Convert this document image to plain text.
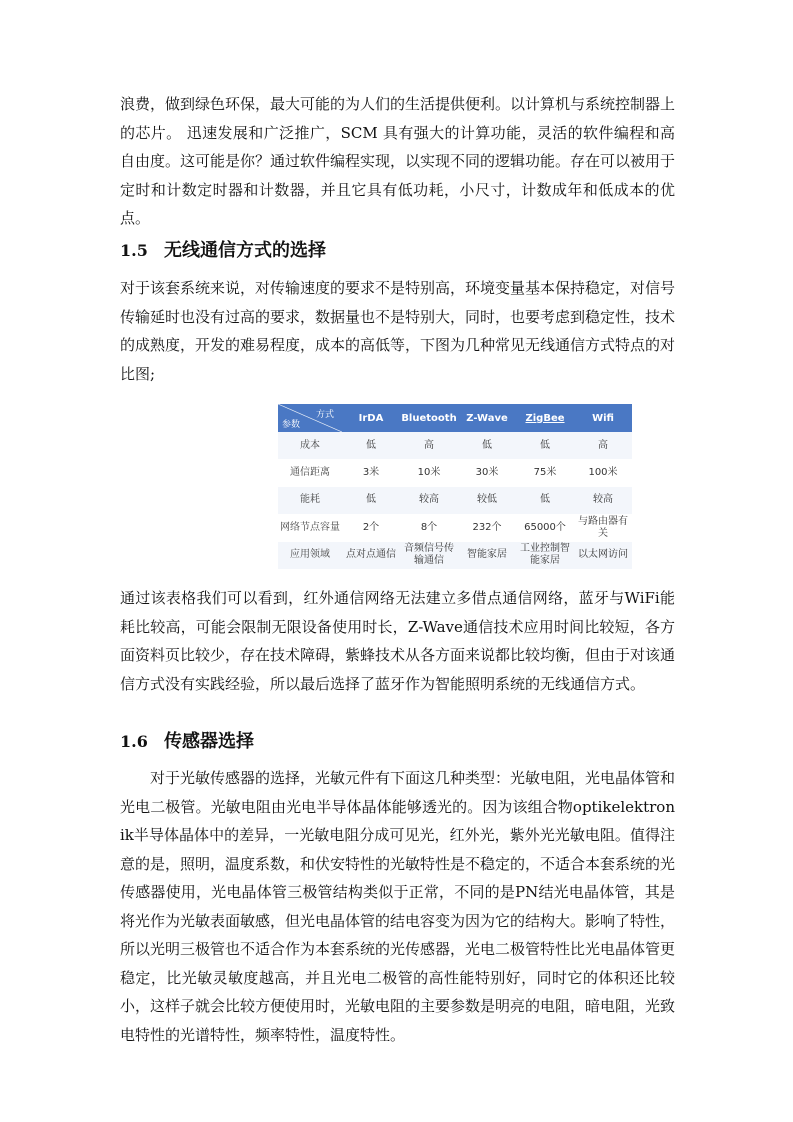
浪费，做到绿色环保，最大可能的为人们的生活提供便利。以计算机与系统控制器上的芯片。 迅速发展和广泛推广，SCM 具有强大的计算功能，灵活的软件编程和高自由度。这可能是你？通过软件编程实现，以实现不同的逻辑功能。存在可以被用于定时和计数定时器和计数器，并且它具有低功耗，小尺寸，计数成年和低成本的优点。

1.5 无线通信方式的选择

对于该套系统来说，对传输速度的要求不是特别高，环境变量基本保持稳定，对信号传输延时也没有过高的要求，数据量也不是特别大，同时，也要考虑到稳定性，技术的成熟度，开发的难易程度，成本的高低等，下图为几种常见无线通信方式特点的对比图;

方式
参数	IrDA	Bluetooth	Z-Wave	ZigBee	Wifi
成本	低	高	低	低	高
通信距离	3米	10米	30米	75米	100米
能耗	低	较高	较低	低	较高
网络节点容量	2个	8个	232个	65000个	与路由器有关
应用领域	点对点通信	音频信号传输通信	智能家居	工业控制智能家居	以太网访问

通过该表格我们可以看到，红外通信网络无法建立多借点通信网络，蓝牙与WiFi能耗比较高，可能会限制无限设备使用时长，Z-Wave通信技术应用时间比较短，各方面资料页比较少，存在技术障碍，紫蜂技术从各方面来说都比较均衡，但由于对该通信方式没有实践经验，所以最后选择了蓝牙作为智能照明系统的无线通信方式。

1.6 传感器选择

对于光敏传感器的选择，光敏元件有下面这几种类型：光敏电阻，光电晶体管和光电二极管。光敏电阻由光电半导体晶体能够透光的。因为该组合物optikelektronik半导体晶体中的差异，一光敏电阻分成可见光，红外光，紫外光光敏电阻。值得注意的是，照明，温度系数，和伏安特性的光敏特性是不稳定的，不适合本套系统的光传感器使用，光电晶体管三极管结构类似于正常，不同的是PN结光电晶体管，其是将光作为光敏表面敏感，但光电晶体管的结电容变为因为它的结构大。影响了特性，所以光明三极管也不适合作为本套系统的光传感器，光电二极管特性比光电晶体管更稳定，比光敏灵敏度越高，并且光电二极管的高性能特别好，同时它的体积还比较小，这样子就会比较方便使用时，光敏电阻的主要参数是明亮的电阻，暗电阻，光致电特性的光谱特性，频率特性，温度特性。
